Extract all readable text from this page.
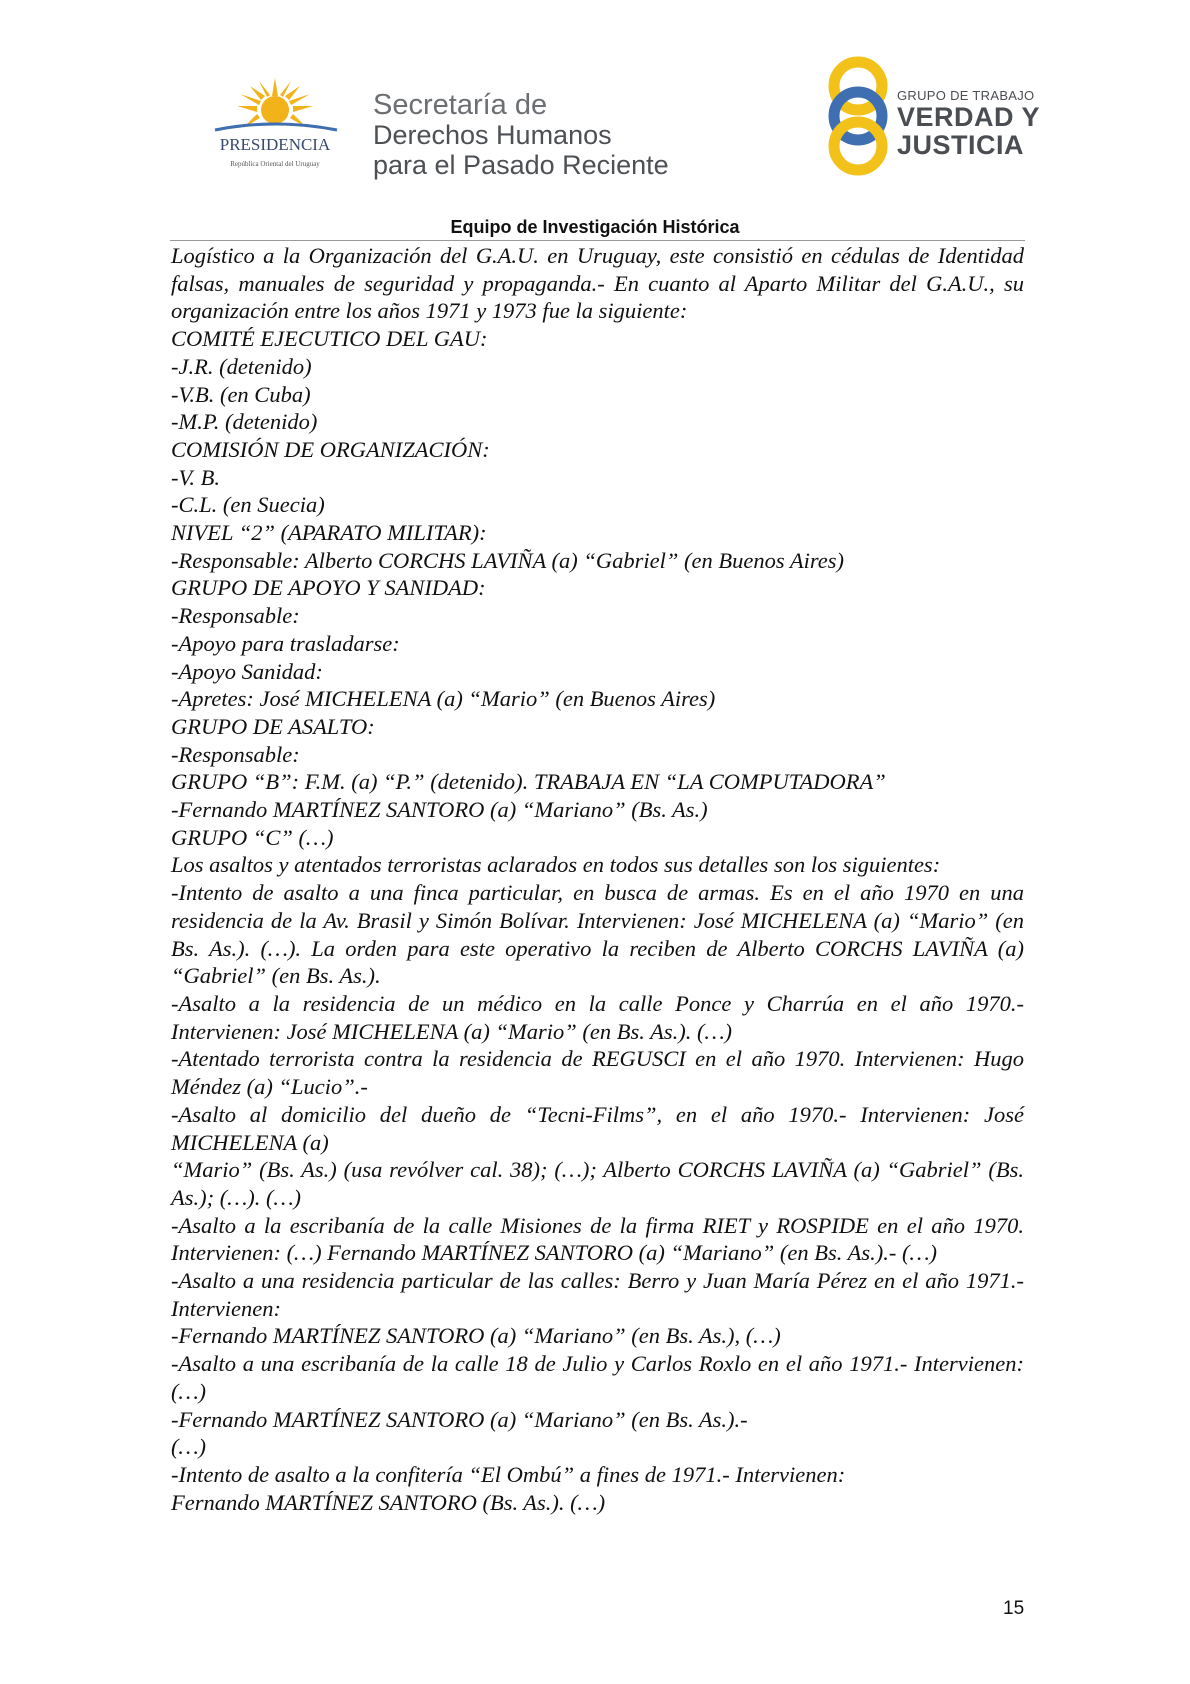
PRESIDENCIA
República Oriental del Uruguay
Secretaría de
Derechos Humanos
para el Pasado Reciente
GRUPO DE TRABAJO
VERDAD Y
JUSTICIA
Equipo de Investigación Histórica

Logístico a la Organización del G.A.U. en Uruguay, este consistió en cédulas de Identidad falsas, manuales de seguridad y propaganda.- En cuanto al Aparto Militar del G.A.U., su organización entre los años 1971 y 1973 fue la siguiente:

COMITÉ EJECUTICO DEL GAU:

-J.R. (detenido)

-V.B. (en Cuba)

-M.P. (detenido)

COMISIÓN DE ORGANIZACIÓN:

-V. B.

-C.L. (en Suecia)

NIVEL “2” (APARATO MILITAR):

-Responsable: Alberto CORCHS LAVIÑA (a) “Gabriel” (en Buenos Aires)

GRUPO DE APOYO Y SANIDAD:

-Responsable:

-Apoyo para trasladarse:

-Apoyo Sanidad:

-Apretes: José MICHELENA (a) “Mario” (en Buenos Aires)

GRUPO DE ASALTO:

-Responsable:

GRUPO “B”: F.M. (a) “P.” (detenido). TRABAJA EN “LA COMPUTADORA”

-Fernando MARTÍNEZ SANTORO (a) “Mariano” (Bs. As.)

GRUPO “C” (…)

Los asaltos y atentados terroristas aclarados en todos sus detalles son los siguientes:

-Intento de asalto a una finca particular, en busca de armas. Es en el año 1970 en una residencia de la Av. Brasil y Simón Bolívar. Intervienen: José MICHELENA (a) “Mario” (en Bs. As.). (…). La orden para este operativo la reciben de Alberto CORCHS LAVIÑA (a) “Gabriel” (en Bs. As.).

-Asalto a la residencia de un médico en la calle Ponce y Charrúa en el año 1970.- Intervienen: José MICHELENA (a) “Mario” (en Bs. As.). (…)

-Atentado terrorista contra la residencia de REGUSCI en el año 1970. Intervienen: Hugo Méndez (a) “Lucio”.-

-Asalto al domicilio del dueño de “Tecni-Films”, en el año 1970.- Intervienen: José MICHELENA (a)

“Mario” (Bs. As.) (usa revólver cal. 38); (…); Alberto CORCHS LAVIÑA (a) “Gabriel” (Bs. As.); (…). (…)

-Asalto a la escribanía de la calle Misiones de la firma RIET y ROSPIDE en el año 1970. Intervienen: (…) Fernando MARTÍNEZ SANTORO (a) “Mariano” (en Bs. As.).- (…)

-Asalto a una residencia particular de las calles: Berro y Juan María Pérez en el año 1971.- Intervienen:

-Fernando MARTÍNEZ SANTORO (a) “Mariano” (en Bs. As.), (…)

-Asalto a una escribanía de la calle 18 de Julio y Carlos Roxlo en el año 1971.- Intervienen: (…)

-Fernando MARTÍNEZ SANTORO (a) “Mariano” (en Bs. As.).-

(…)

-Intento de asalto a la confitería “El Ombú” a fines de 1971.- Intervienen:

Fernando MARTÍNEZ SANTORO (Bs. As.). (…)

15
